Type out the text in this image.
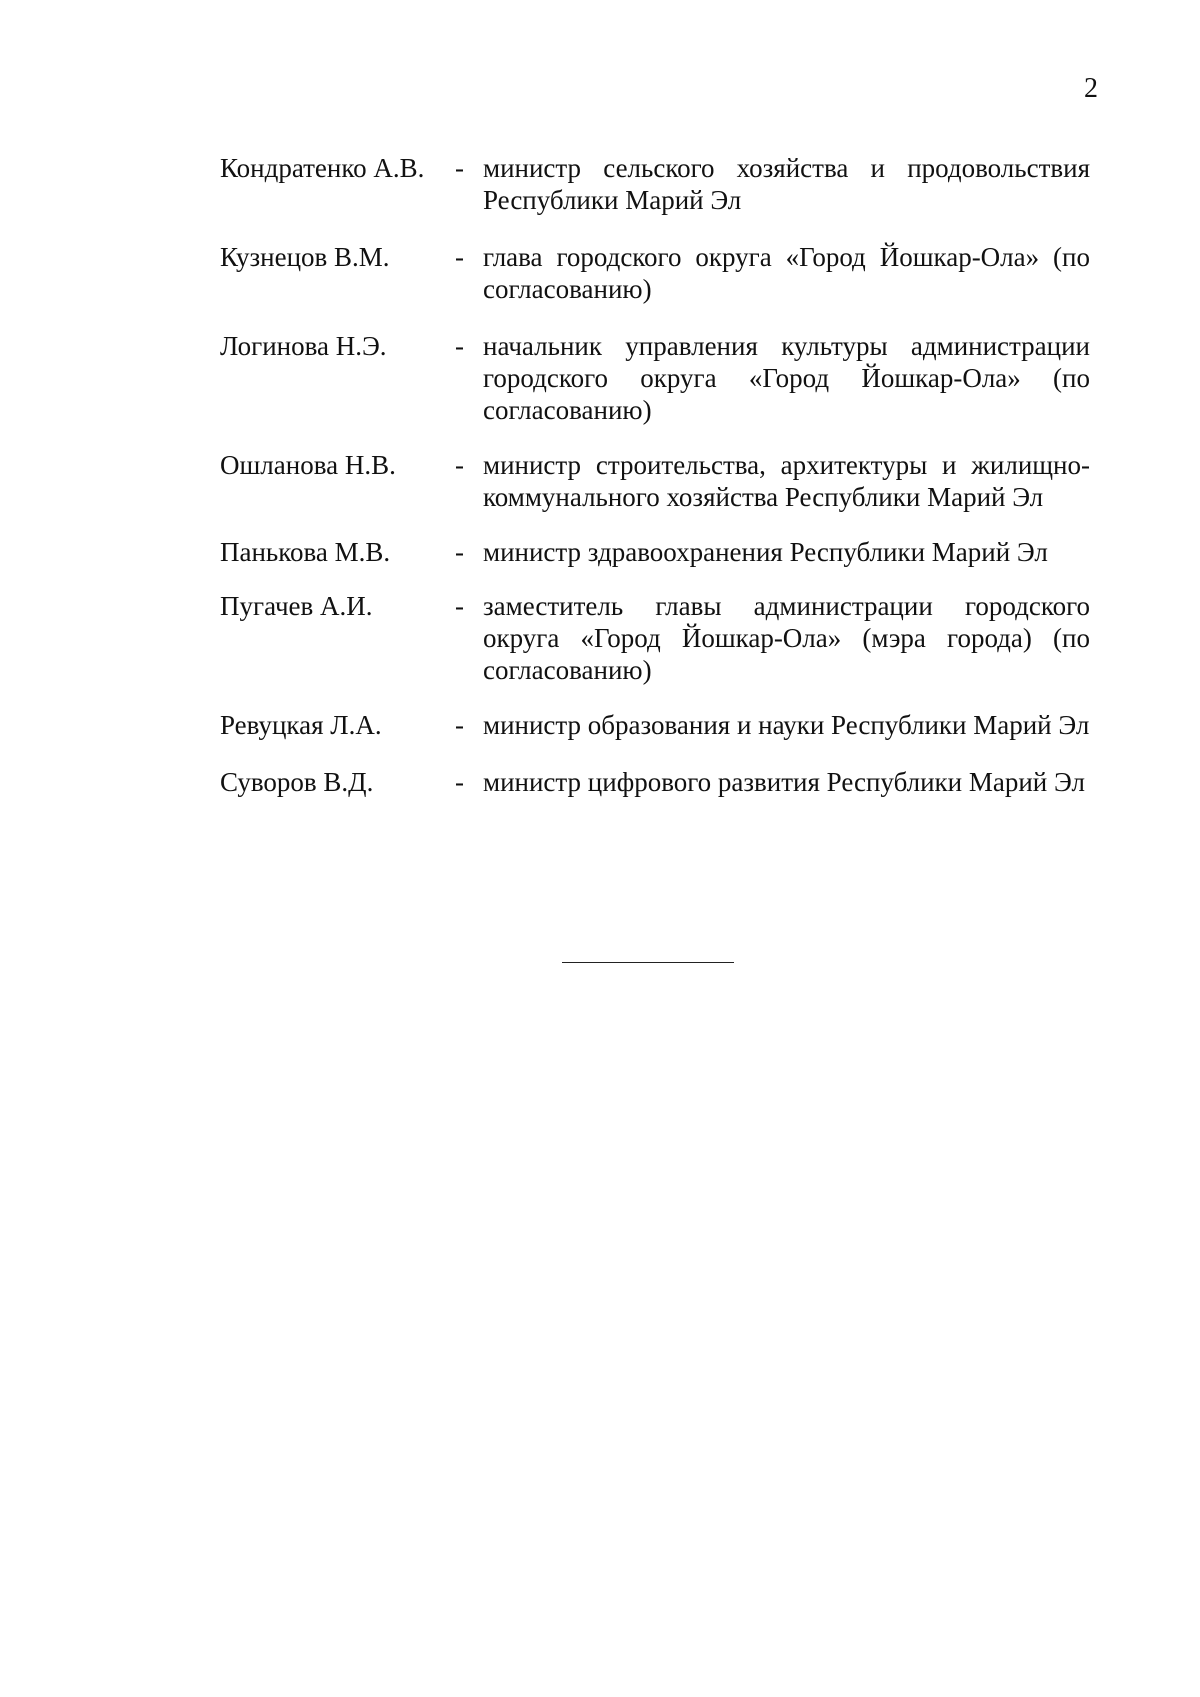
2
Кондратенко А.В.	- министр сельского хозяйства и продовольствия Республики Марий Эл
Кузнецов В.М.	- глава городского округа «Город Йошкар-Ола» (по согласованию)
Логинова Н.Э.	- начальник управления культуры администрации городского округа «Город Йошкар-Ола» (по согласованию)
Ошланова Н.В.	- министр строительства, архитектуры и жилищно-коммунального хозяйства Республики Марий Эл
Панькова М.В.	- министр здравоохранения Республики Марий Эл
Пугачев А.И.	- заместитель главы администрации городского округа «Город Йошкар-Ола» (мэра города) (по согласованию)
Ревуцкая Л.А.	- министр образования и науки Республики Марий Эл
Суворов В.Д.	- министр цифрового развития Республики Марий Эл
